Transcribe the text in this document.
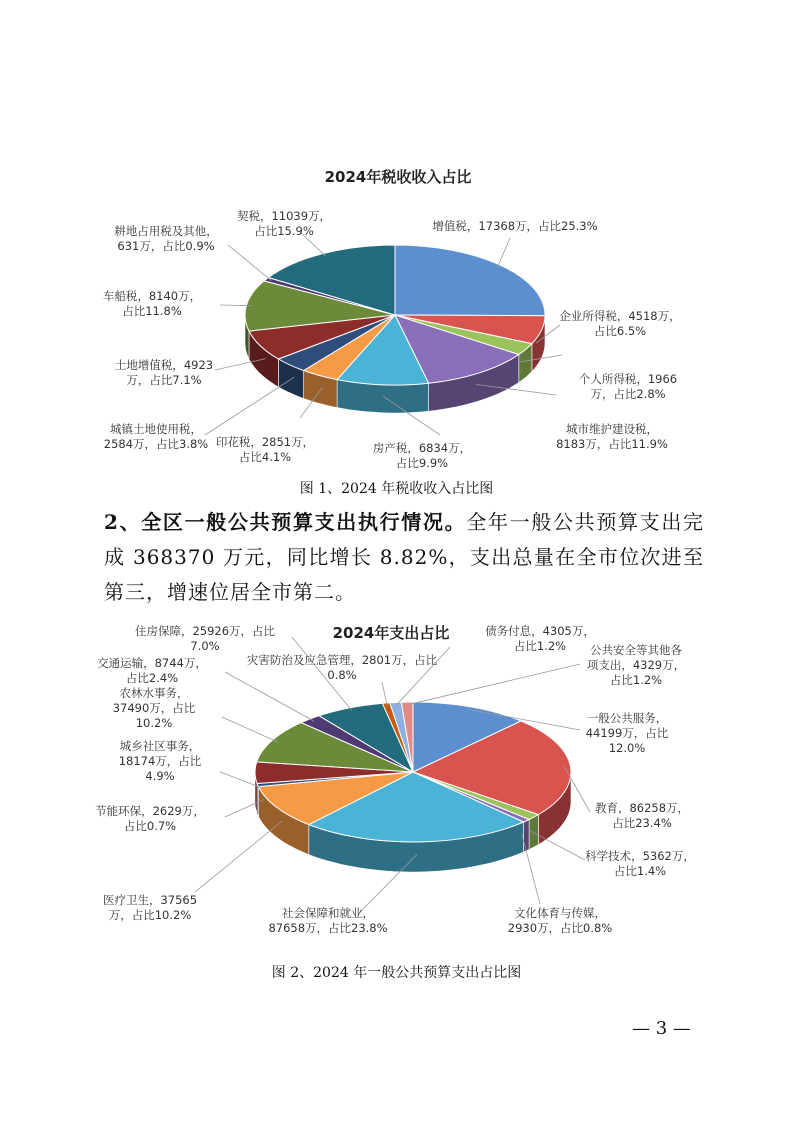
2024年税收收入占比
增值税，17368万，占比25.3%
企业所得税，4518万，占比6.5%
个人所得税，1966 万，占比2.8%
城市维护建设税， 8183万，占比11.9%
房产税，6834万，占比9.9%
印花税，2851万，占比4.1%
城镇土地使用税， 2584万，占比3.8%
土地增值税，4923 万，占比7.1%
车船税，8140万，占比11.8%
耕地占用税及其他， 631万，占比0.9%
契税，11039万，占比15.9%
图 1、2024 年税收收入占比图
2、全区一般公共预算支出执行情况。全年一般公共预算支出完成 368370 万元，同比增长 8.82%，支出总量在全市位次进至第三，增速位居全市第二。
2024年支出占比
一般公共服务， 44199万，占比 12.0%
教育，86258万，占比23.4%
科学技术，5362万，占比1.4%
文化体育与传媒， 2930万，占比0.8%
社会保障和就业， 87658万，占比23.8%
医疗卫生，37565 万，占比10.2%
节能环保，2629万，占比0.7%
城乡社区事务， 18174万，占比 4.9%
农林水事务， 37490万，占比 10.2%
交通运输，8744万，占比2.4%
住房保障，25926万，占比 7.0%
灾害防治及应急管理，2801万，占比 0.8%
债务付息，4305万，占比1.2%	公共安全等其他各项支出，4329万，占比1.2%
图 2、2024 年一般公共预算支出占比图
— 3 —
